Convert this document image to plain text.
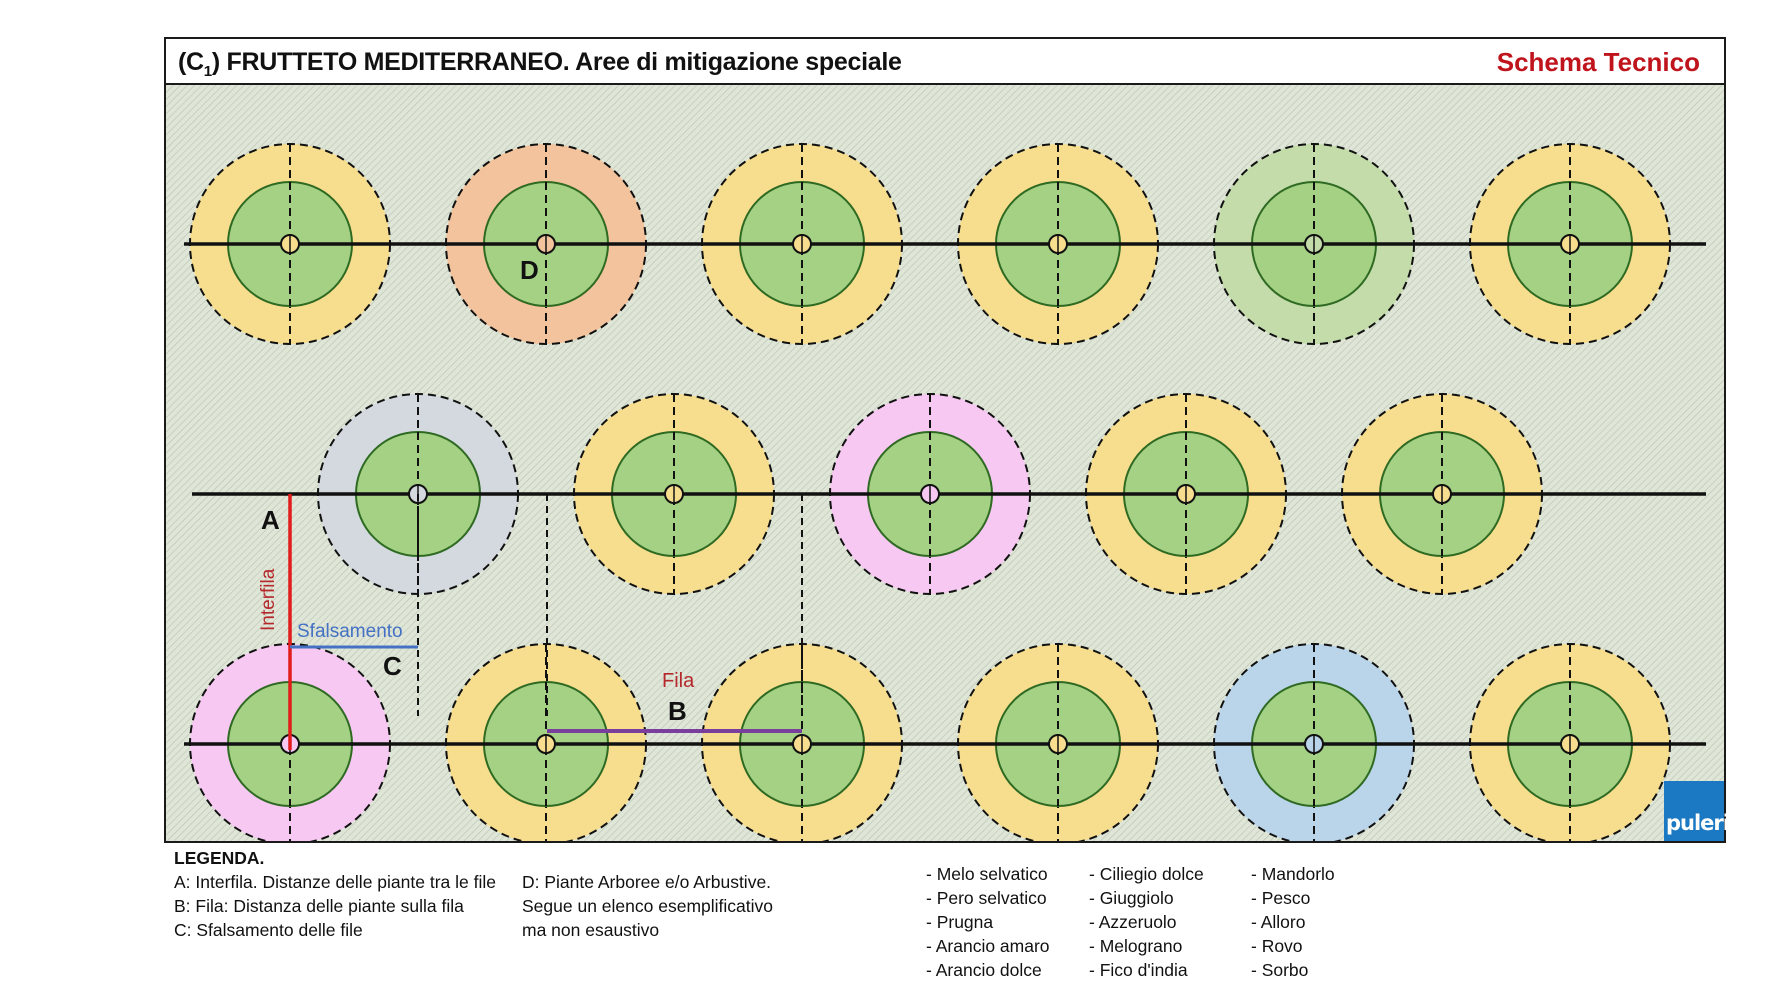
$(C_1)$ FRUTTETO MEDITERRANEO. Aree di mitigazione speciale	Schema Tecnico
A
Interfila
Sfalsamento
C	Fila
B
D
puleri
LEGENDA.
A: Interfila. Distanze delle piante tra le file
B: Fila: Distanza delle piante sulla fila
C: Sfalsamento delle file
D: Piante Arboree e/o Arbustive.
Segue un elenco esemplificativo
ma non esaustivo
- Melo selvatico
- Pero selvatico
- Prugna
- Arancio amaro
- Arancio dolce
- Ciliegio dolce
- Giuggiolo
- Azzeruolo
- Melograno
- Fico d'india
- Mandorlo
- Pesco
- Alloro
- Rovo
- Sorbo
